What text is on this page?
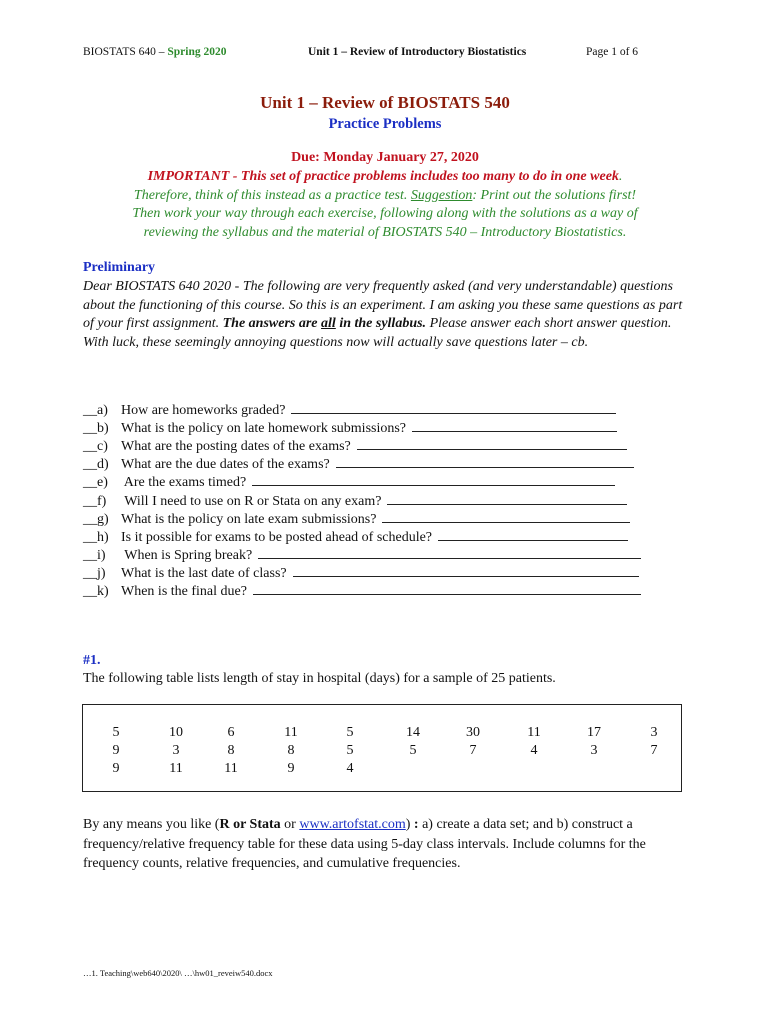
BIOSTATS 640 – Spring 2020	Unit 1 – Review of Introductory Biostatistics	Page 1 of 6
Unit 1 – Review of BIOSTATS 540
Practice Problems
Due: Monday January 27, 2020
IMPORTANT - This set of practice problems includes too many to do in one week.
Therefore, think of this instead as a practice test. Suggestion: Print out the solutions first!
Then work your way through each exercise, following along with the solutions as a way of
reviewing the syllabus and the material of BIOSTATS 540 – Introductory Biostatistics.
Preliminary
Dear BIOSTATS 640 2020 - The following are very frequently asked (and very understandable) questions about the functioning of this course. So this is an experiment. I am asking you these same questions as part of your first assignment. The answers are all in the syllabus. Please answer each short answer question. With luck, these seemingly annoying questions now will actually save questions later – cb.
__a) How are homeworks graded?
__b) What is the policy on late homework submissions?
__c) What are the posting dates of the exams?
__d) What are the due dates of the exams?
__e) Are the exams timed?
__f) Will I need to use on R or Stata on any exam?
__g) What is the policy on late exam submissions?
__h) Is it possible for exams to be posted ahead of schedule?
__i) When is Spring break?
__j) What is the last date of class?
__k) When is the final due?
#1.
The following table lists length of stay in hospital (days) for a sample of 25 patients.
5
9
9
10
3
11
6
8
11
11
8
9
5
5
4
14
5
30
7
11
4
17
3
3
7
By any means you like (R or Stata or www.artofstat.com) : a) create a data set; and b) construct a frequency/relative frequency table for these data using 5-day class intervals. Include columns for the frequency counts, relative frequencies, and cumulative frequencies.
…1. Teaching\web640\2020\ …\hw01_reveiw540.docx
